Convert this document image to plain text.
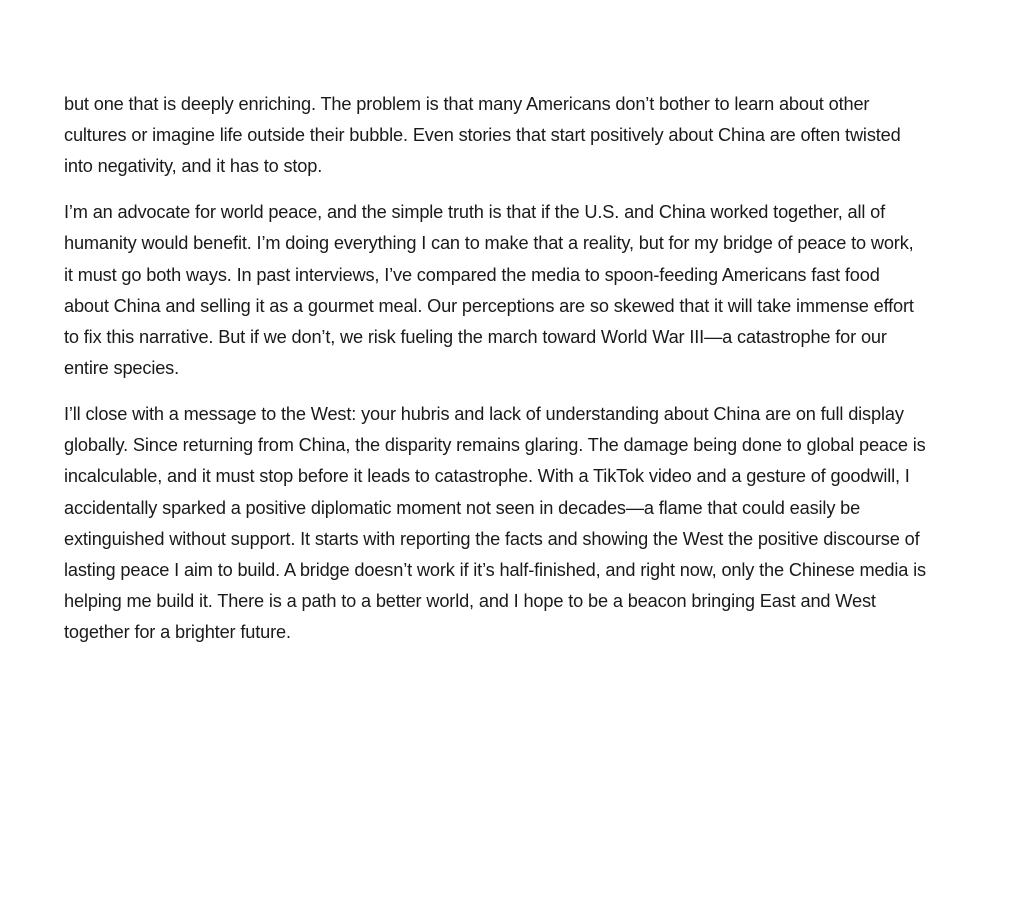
but one that is deeply enriching. The problem is that many Americans don’t bother to learn about other cultures or imagine life outside their bubble. Even stories that start positively about China are often twisted into negativity, and it has to stop.

I’m an advocate for world peace, and the simple truth is that if the U.S. and China worked together, all of humanity would benefit. I’m doing everything I can to make that a reality, but for my bridge of peace to work, it must go both ways. In past interviews, I’ve compared the media to spoon-feeding Americans fast food about China and selling it as a gourmet meal. Our perceptions are so skewed that it will take immense effort to fix this narrative. But if we don’t, we risk fueling the march toward World War III—a catastrophe for our entire species.

I’ll close with a message to the West: your hubris and lack of understanding about China are on full display globally. Since returning from China, the disparity remains glaring. The damage being done to global peace is incalculable, and it must stop before it leads to catastrophe. With a TikTok video and a gesture of goodwill, I accidentally sparked a positive diplomatic moment not seen in decades—a flame that could easily be extinguished without support. It starts with reporting the facts and showing the West the positive discourse of lasting peace I aim to build. A bridge doesn’t work if it’s half-finished, and right now, only the Chinese media is helping me build it. There is a path to a better world, and I hope to be a beacon bringing East and West together for a brighter future.
